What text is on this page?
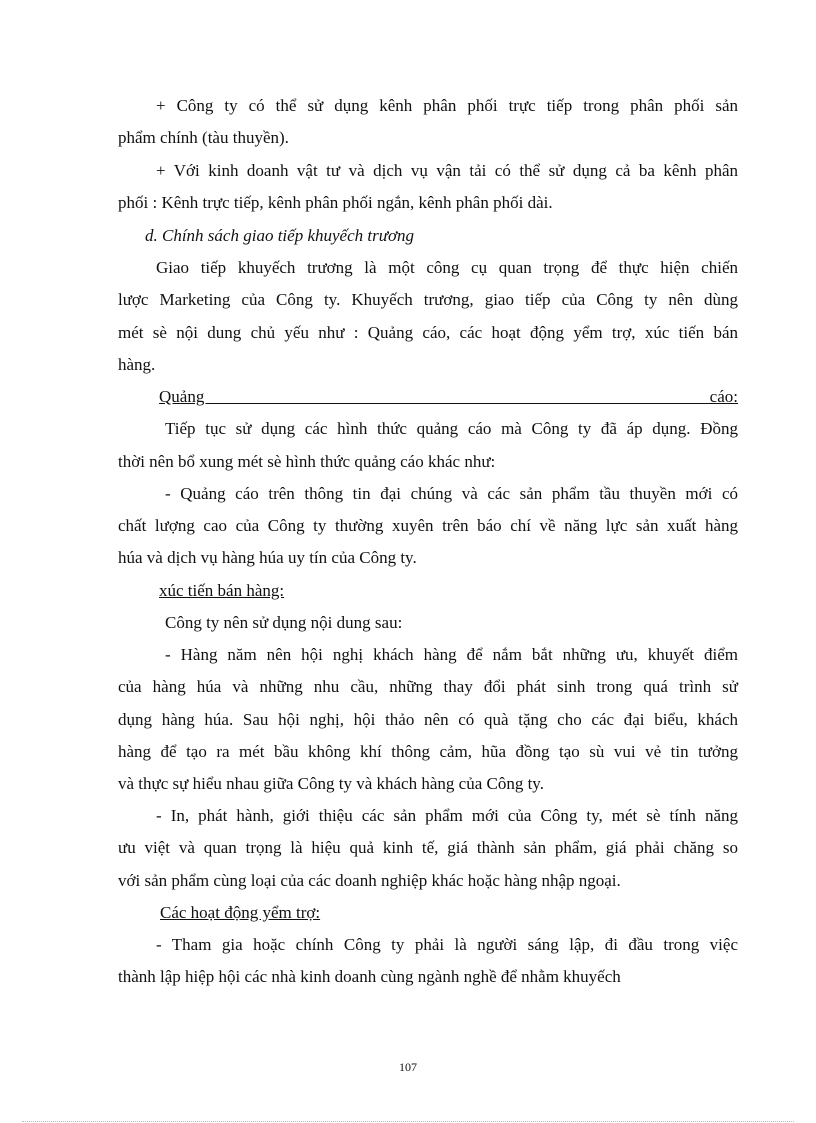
+ Công ty có thể sử dụng kênh phân phối trực tiếp trong phân phối sản
phẩm chính (tàu thuyền).
+ Với kinh doanh vật tư và dịch vụ vận tải có thể sử dụng cả ba kênh phân
phối : Kênh trực tiếp, kênh phân phối ngắn, kênh phân phối dài.
d. Chính sách giao tiếp khuyếch trương
Giao tiếp khuyếch trương là một công cụ quan trọng để thực hiện chiến
lược Marketing của Công ty. Khuyếch trương, giao tiếp của Công ty nên dùng
mét sè nội dung chủ yếu như : Quảng cáo, các hoạt động yểm trợ, xúc tiến bán
hàng.
Quảng cáo:
Tiếp tục sử dụng các hình thức quảng cáo mà Công ty đã áp dụng. Đồng
thời nên bổ xung mét sè hình thức quảng cáo khác như:
- Quảng cáo trên thông tin đại chúng và các sản phẩm tầu thuyền mới có
chất lượng cao của Công ty thường xuyên trên báo chí về năng lực sản xuất hàng
húa và dịch vụ hàng húa uy tín của Công ty.
xúc tiến bán hàng:
Công ty nên sử dụng nội dung sau:
- Hàng năm nên hội nghị khách hàng để nắm bắt những ưu, khuyết điểm
của hàng húa và những nhu cầu, những thay đổi phát sinh trong quá trình sử
dụng hàng húa. Sau hội nghị, hội thảo nên có quà tặng cho các đại biểu, khách
hàng để tạo ra mét bầu không khí thông cảm, hũa đồng tạo sù vui vẻ tin tưởng
và thực sự hiểu nhau giữa Công ty và khách hàng của Công ty.
- In, phát hành, giới thiệu các sản phẩm mới của Công ty, mét sè tính năng
ưu việt và quan trọng là hiệu quả kinh tế, giá thành sản phẩm, giá phải chăng so
với sản phẩm cùng loại của các doanh nghiệp khác hoặc hàng nhập ngoại.
Các hoạt động yểm trợ:
- Tham gia hoặc chính Công ty phải là người sáng lập, đi đầu trong việc
thành lập hiệp hội các nhà kinh doanh cùng ngành nghề để nhằm khuyếch
107
